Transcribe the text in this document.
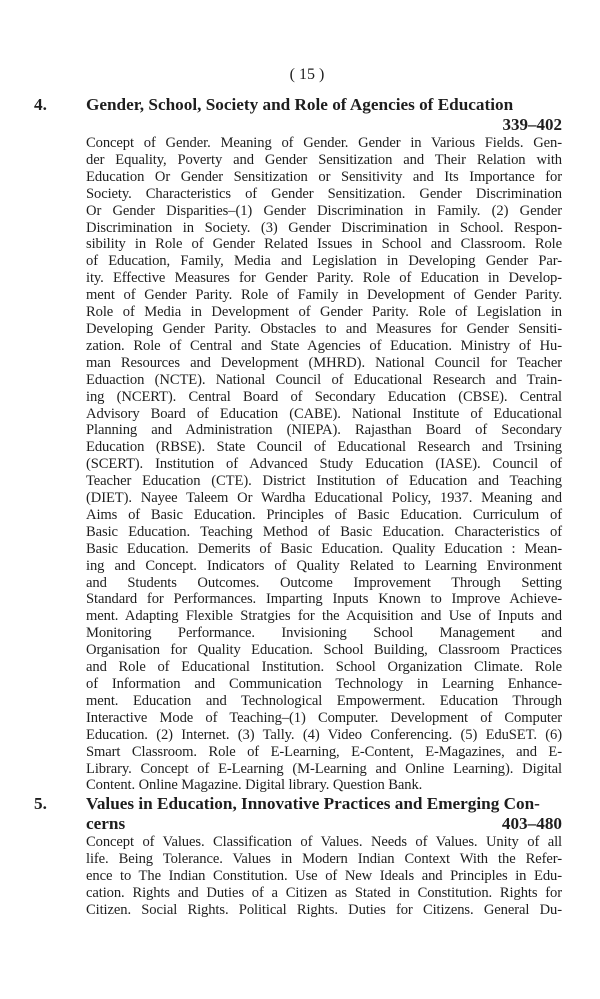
( 15 )
4. Gender, School, Society and Role of Agencies of Education
339–402
Concept of Gender. Meaning of Gender. Gender in Various Fields. Gen-
der Equality, Poverty and Gender Sensitization and Their Relation with
Education Or Gender Sensitization or Sensitivity and Its Importance for
Society. Characteristics of Gender Sensitization. Gender Discrimination
Or Gender Disparities–(1) Gender Discrimination in Family. (2) Gender
Discrimination in Society. (3) Gender Discrimination in School. Respon-
sibility in Role of Gender Related Issues in School and Classroom. Role
of Education, Family, Media and Legislation in Developing Gender Par-
ity. Effective Measures for Gender Parity. Role of Education in Develop-
ment of Gender Parity. Role of Family in Development of Gender Parity.
Role of Media in Development of Gender Parity. Role of Legislation in
Developing Gender Parity. Obstacles to and Measures for Gender Sensiti-
zation. Role of Central and State Agencies of Education. Ministry of Hu-
man Resources and Development (MHRD). National Council for Teacher
Eduaction (NCTE). National Council of Educational Research and Train-
ing (NCERT). Central Board of Secondary Education (CBSE). Central
Advisory Board of Education (CABE). National Institute of Educational
Planning and Administration (NIEPA). Rajasthan Board of Secondary
Education (RBSE). State Council of Educational Research and Trsining
(SCERT). Institution of Advanced Study Education (IASE). Council of
Teacher Education (CTE). District Institution of Education and Teaching
(DIET). Nayee Taleem Or Wardha Educational Policy, 1937. Meaning and
Aims of Basic Education. Principles of Basic Education. Curriculum of
Basic Education. Teaching Method of Basic Education. Characteristics of
Basic Education. Demerits of Basic Education. Quality Education : Mean-
ing and Concept. Indicators of Quality Related to Learning Environment
and Students Outcomes. Outcome Improvement Through Setting
Standard for Performances. Imparting Inputs Known to Improve Achieve-
ment. Adapting Flexible Stratgies for the Acquisition and Use of Inputs and
Monitoring Performance. Invisioning School Management and
Organisation for Quality Education. School Building, Classroom Practices
and Role of Educational Institution. School Organization Climate. Role
of Information and Communication Technology in Learning Enhance-
ment. Education and Technological Empowerment. Education Through
Interactive Mode of Teaching–(1) Computer. Development of Computer
Education. (2) Internet. (3) Tally. (4) Video Conferencing. (5) EduSET. (6)
Smart Classroom. Role of E-Learning, E-Content, E-Magazines, and E-
Library. Concept of E-Learning (M-Learning and Online Learning). Digital
Content. Online Magazine. Digital library. Question Bank.
5. Values in Education, Innovative Practices and Emerging Con-
cerns	403–480
Concept of Values. Classification of Values. Needs of Values. Unity of all
life. Being Tolerance. Values in Modern Indian Context With the Refer-
ence to The Indian Constitution. Use of New Ideals and Principles in Edu-
cation. Rights and Duties of a Citizen as Stated in Constitution. Rights for
Citizen. Social Rights. Political Rights. Duties for Citizens. General Du-
